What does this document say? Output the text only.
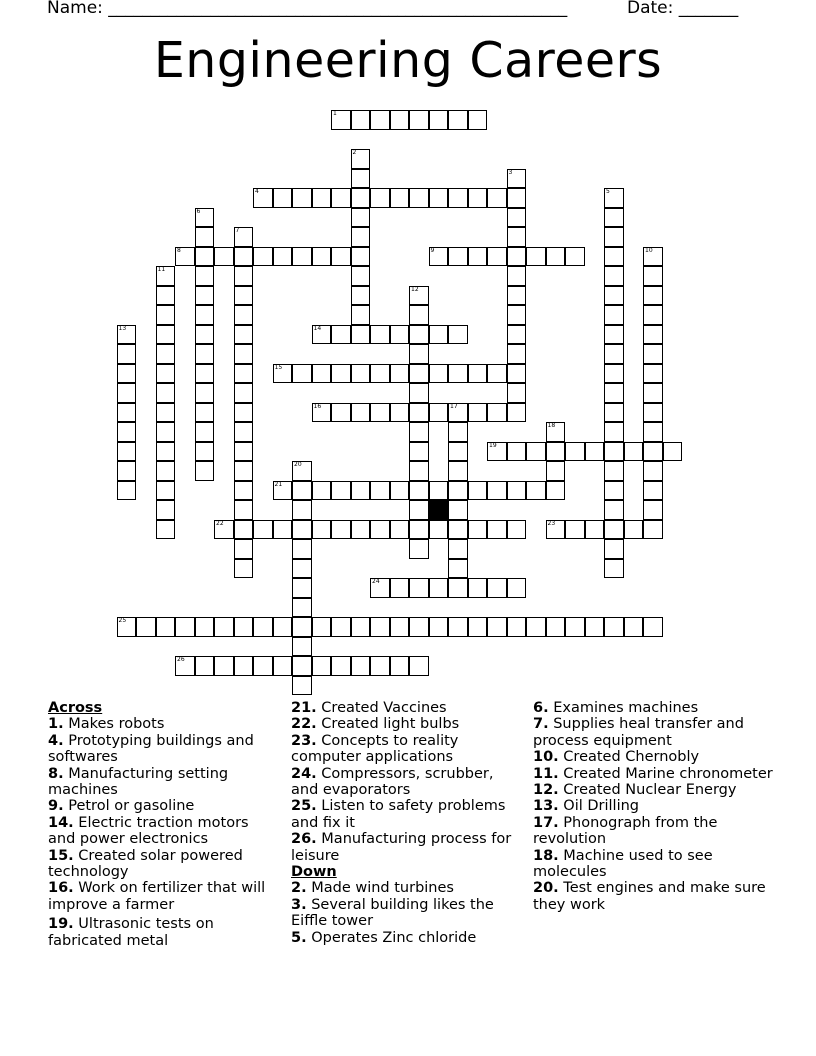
Name: ______________________________________________________	Date: _______
Engineering Careers
1
2
3
4	5
6
7
8	9	10
11
12
13	14
15
16	17
18
19
20
21
22	23
24
25
26
Across
1. Makes robots
4. Prototyping buildings and softwares
8. Manufacturing setting machines
9. Petrol or gasoline
14. Electric traction motors and power electronics
15. Created solar powered technology
16. Work on fertilizer that will improve a farmer
19. Ultrasonic tests on fabricated metal
21. Created Vaccines
22. Created light bulbs
23. Concepts to reality computer applications
24. Compressors, scrubber, and evaporators
25. Listen to safety problems and fix it
26. Manufacturing process for leisure
Down
2. Made wind turbines
3. Several building likes the Eiffle tower
5. Operates Zinc chloride
6. Examines machines
7. Supplies heal transfer and process equipment
10. Created Chernobly
11. Created Marine chronometer
12. Created Nuclear Energy
13. Oil Drilling
17. Phonograph from the revolution
18. Machine used to see molecules
20. Test engines and make sure they work
